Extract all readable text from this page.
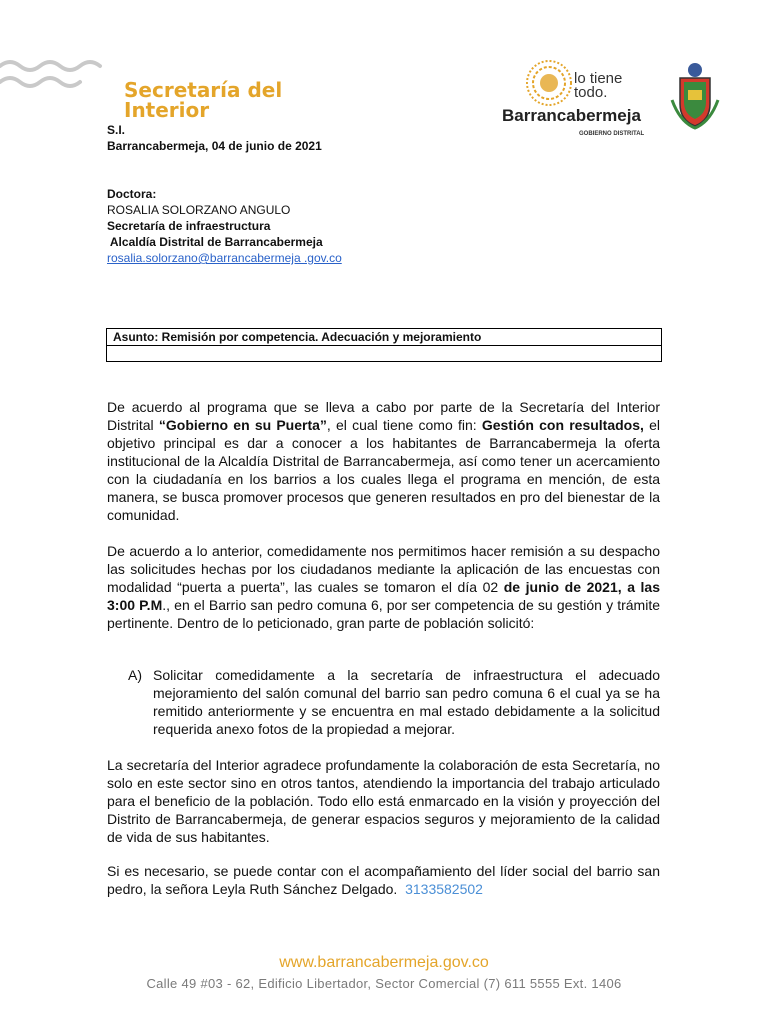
Secretaría del
Interior
lo tiene
todo.
Barrancabermeja
GOBIERNO DISTRITAL
S.I.
Barrancabermeja, 04 de junio de 2021
Doctora:
ROSALIA SOLORZANO ANGULO
Secretaría de infraestructura
Alcaldía Distrital de Barrancabermeja
rosalia.solorzano@barrancabermeja .gov.co
Asunto: Remisión por competencia. Adecuación y mejoramiento
De acuerdo al programa que se lleva a cabo por parte de la Secretaría del Interior Distrital “Gobierno en su Puerta”, el cual tiene como fin: Gestión con resultados, el objetivo principal es dar a conocer a los habitantes de Barrancabermeja la oferta institucional de la Alcaldía Distrital de Barrancabermeja, así como tener un acercamiento con la ciudadanía en los barrios a los cuales llega el programa en mención, de esta manera, se busca promover procesos que generen resultados en pro del bienestar de la comunidad.
De acuerdo a lo anterior, comedidamente nos permitimos hacer remisión a su despacho las solicitudes hechas por los ciudadanos mediante la aplicación de las encuestas con modalidad “puerta a puerta”, las cuales se tomaron el día 02 de junio de 2021, a las 3:00 P.M., en el Barrio san pedro comuna 6, por ser competencia de su gestión y trámite pertinente. Dentro de lo peticionado, gran parte de población solicitó:
A) Solicitar comedidamente a la secretaría de infraestructura el adecuado mejoramiento del salón comunal del barrio san pedro comuna 6 el cual ya se ha remitido anteriormente y se encuentra en mal estado debidamente a la solicitud requerida anexo fotos de la propiedad a mejorar.
La secretaría del Interior agradece profundamente la colaboración de esta Secretaría, no solo en este sector sino en otros tantos, atendiendo la importancia del trabajo articulado para el beneficio de la población. Todo ello está enmarcado en la visión y proyección del Distrito de Barrancabermeja, de generar espacios seguros y mejoramiento de la calidad de vida de sus habitantes.
Si es necesario, se puede contar con el acompañamiento del líder social del barrio san pedro, la señora Leyla Ruth Sánchez Delgado.  3133582502
www.barrancabermeja.gov.co
Calle 49 #03 - 62, Edificio Libertador, Sector Comercial (7) 611 5555 Ext. 1406
